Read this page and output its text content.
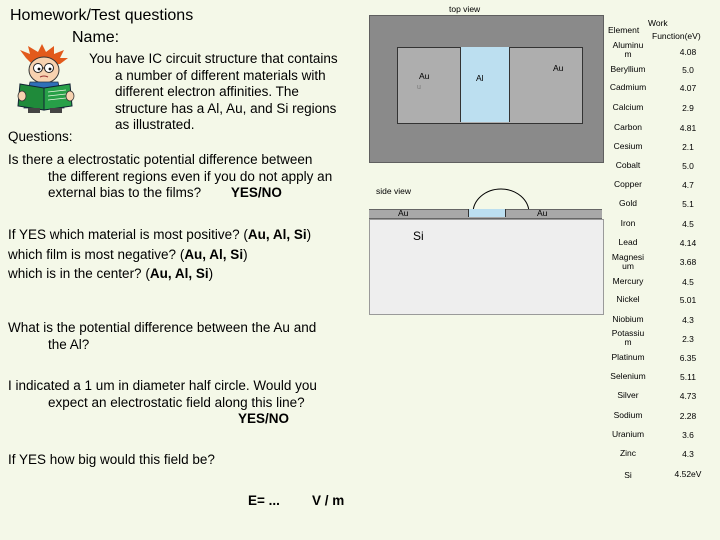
Homework/Test questions
Name:
You have IC circuit structure that contains
a number of different materials with
different electron affinities. The
structure has a Al, Au, and Si regions
as illustrated.
Questions:
Is there a electrostatic potential difference between
the different regions even if you do not apply an
external bias to the films? YES/NO
If YES which material is most positive? (Au, Al, Si)
which film is most negative? (Au, Al, Si)
which is in the center? (Au, Al, Si)
What is the potential difference between the Au and
the Al?
I indicated a 1 um in diameter half circle. Would you
expect an electrostatic field along this line?
YES/NO
If YES how big would this field be?
E= ... V / m
top view
Au
u
Al
Au
side view
Au	Au
Si
Element
Work
Function(eV)
Aluminu
m	4.08
Beryllium	5.0
Cadmium	4.07
Calcium	2.9
Carbon	4.81
Cesium	2.1
Cobalt	5.0
Copper	4.7
Gold	5.1
Iron	4.5
Lead	4.14
Magnesi
um	3.68
Mercury	4.5
Nickel	5.01
Niobium	4.3
Potassiu
m	2.3
Platinum	6.35
Selenium	5.11
Silver	4.73
Sodium	2.28
Uranium	3.6
Zinc	4.3
Si	4.52eV
